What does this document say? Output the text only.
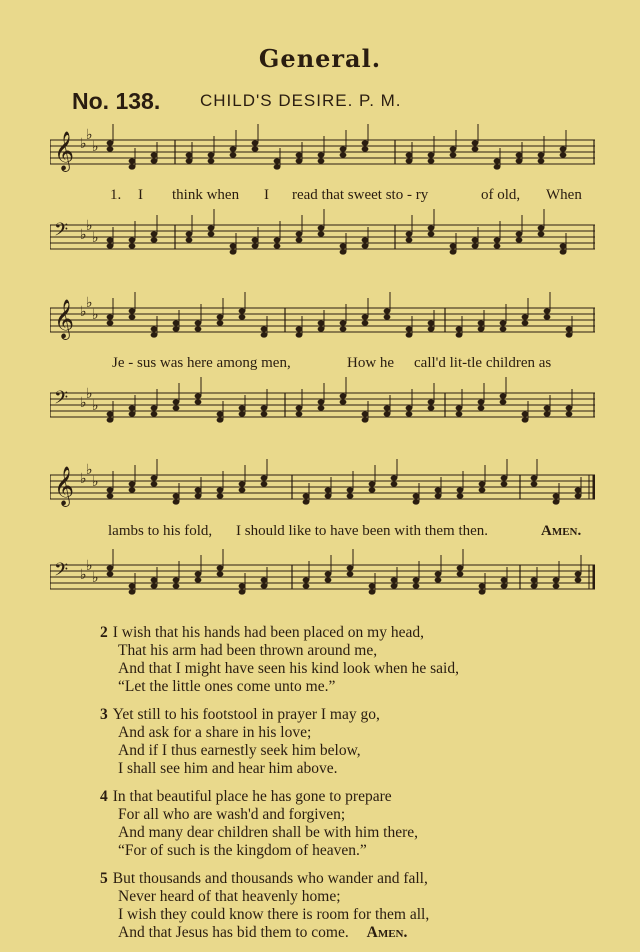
General.
No. 138. CHILD'S DESIRE. P. M.
𝄞 ♭
♭
♭
𝄢 ♭
♭
♭
1. I think when I read that sweet sto - ry	of old, When
𝄞 ♭
♭
♭
𝄢 ♭
♭
♭
Je - sus was here among men,	How he call'd lit-tle children as
𝄞 ♭
♭
♭
𝄢 ♭
♭
♭
lambs to his fold, I should like to have been with them then.	Amen.
2 I wish that his hands had been placed on my head,
That his arm had been thrown around me,
And that I might have seen his kind look when he said,
“Let the little ones come unto me.”
3 Yet still to his footstool in prayer I may go,
And ask for a share in his love;
And if I thus earnestly seek him below,
I shall see him and hear him above.
4 In that beautiful place he has gone to prepare
For all who are wash'd and forgiven;
And many dear children shall be with him there,
“For of such is the kingdom of heaven.”
5 But thousands and thousands who wander and fall,
Never heard of that heavenly home;
I wish they could know there is room for them all,
And that Jesus has bid them to come. Amen.
